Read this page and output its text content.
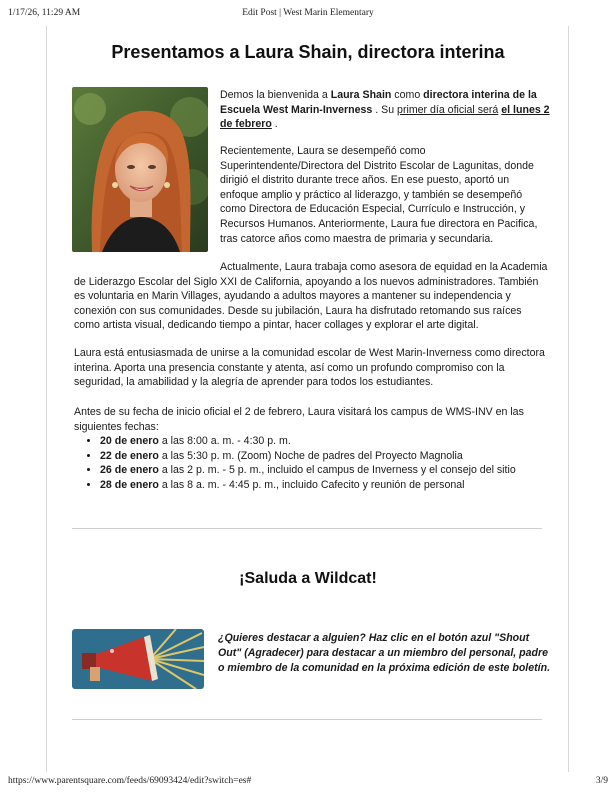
1/17/26, 11:29 AM	Edit Post | West Marin Elementary
Presentamos a Laura Shain, directora interina
Demos la bienvenida a Laura Shain como directora interina de la Escuela West Marin-Inverness . Su primer día oficial será el lunes 2 de febrero .
Recientemente, Laura se desempeñó como Superintendente/Directora del Distrito Escolar de Lagunitas, donde dirigió el distrito durante trece años. En ese puesto, aportó un enfoque amplio y práctico al liderazgo, y también se desempeñó como Directora de Educación Especial, Currículo e Instrucción, y Recursos Humanos. Anteriormente, Laura fue directora en Pacifica, tras catorce años como maestra de primaria y secundaria.
Actualmente, Laura trabaja como asesora de equidad en la Academia de Liderazgo Escolar del Siglo XXI de California, apoyando a los nuevos administradores. También es voluntaria en Marin Villages, ayudando a adultos mayores a mantener su independencia y conexión con sus comunidades. Desde su jubilación, Laura ha disfrutado retomando sus raíces como artista visual, dedicando tiempo a pintar, hacer collages y explorar el arte digital.
Laura está entusiasmada de unirse a la comunidad escolar de West Marin-Inverness como directora interina. Aporta una presencia constante y atenta, así como un profundo compromiso con la seguridad, la amabilidad y la alegría de aprender para todos los estudiantes.
Antes de su fecha de inicio oficial el 2 de febrero, Laura visitará los campus de WMS-INV en las siguientes fechas:
• 20 de enero a las 8:00 a. m. - 4:30 p. m.
• 22 de enero a las 5:30 p. m. (Zoom) Noche de padres del Proyecto Magnolia
• 26 de enero a las 2 p. m. - 5 p. m., incluido el campus de Inverness y el consejo del sitio
• 28 de enero a las 8 a. m. - 4:45 p. m., incluido Cafecito y reunión de personal
¡Saluda a Wildcat!
¿Quieres destacar a alguien? Haz clic en el botón azul "Shout Out" (Agradecer) para destacar a un miembro del personal, padre o miembro de la comunidad en la próxima edición de este boletín.
https://www.parentsquare.com/feeds/69093424/edit?switch=es#	3/9
